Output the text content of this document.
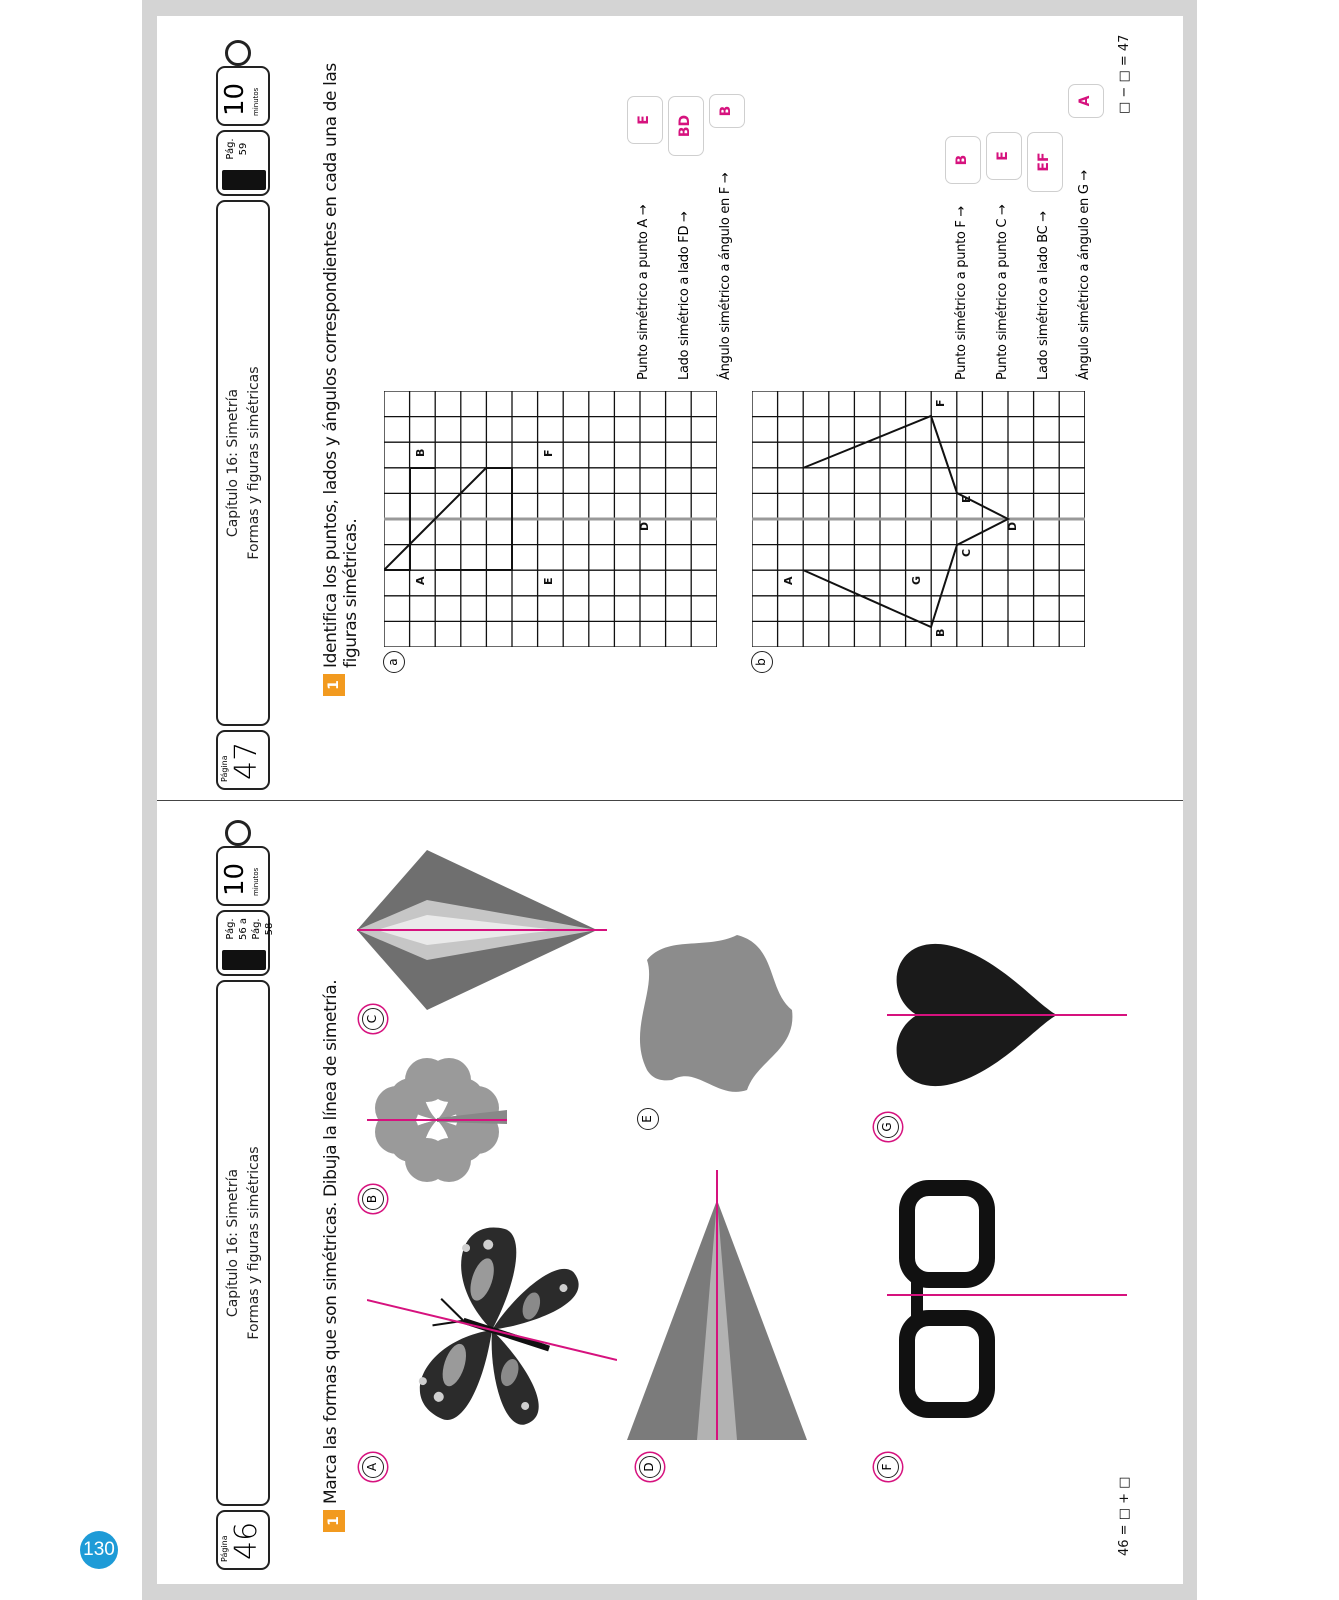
130
Página 47
Capítulo 16: Simetría Formas y figuras simétricas
Pág. 59
10 minutos
1
Identifica los puntos, lados y ángulos correspondientes en cada una de las figuras simétricas. a
A	E
B	F
D
Punto simétrico a punto A →
E
Lado simétrico a lado FD →
BD
Ángulo simétrico a ángulo en F →
B
b
A	G
B
C
D
E
F
Punto simétrico a punto F →
B
Punto simétrico a punto C →
E
Lado simétrico a lado BC →
EF
Ángulo simétrico a ángulo en G →
A	□ − □ = 47
Página 46
Capítulo 16: Simetría Formas y figuras simétricas
Pág. 56 a Pág. 58
10 minutos
1
Marca las formas que son simétricas. Dibuja la línea de simetría. A
B
C
D
E
F
G
46 = □ + □
